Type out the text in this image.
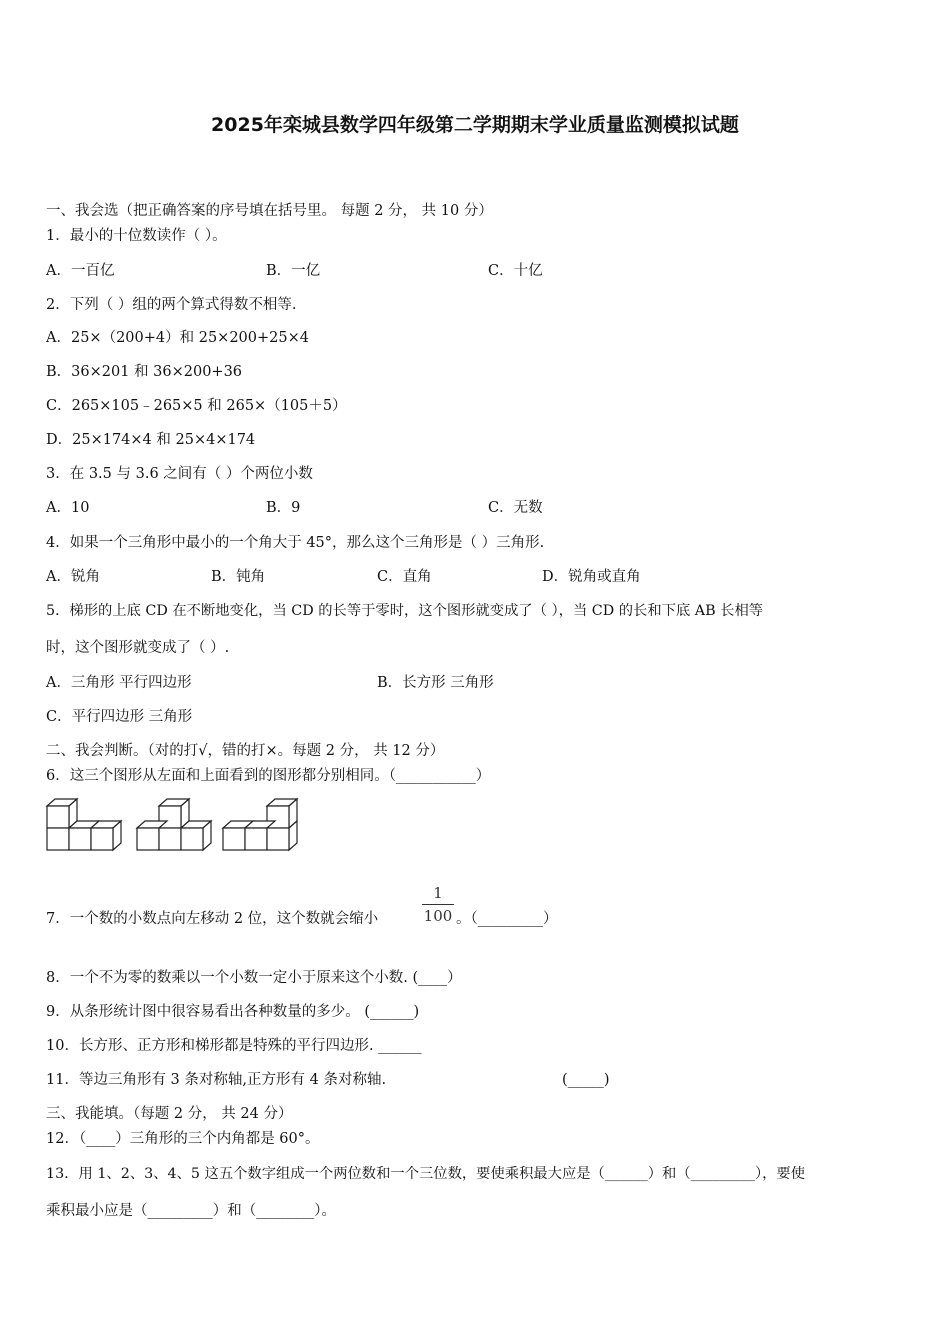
2025年栾城县数学四年级第二学期期末学业质量监测模拟试题
一、我会选（把正确答案的序号填在括号里。 每题 2 分， 共 10 分）
1．最小的十位数读作（ ）。
A．一百亿	B．一亿	C．十亿
2．下列（ ）组的两个算式得数不相等.
A．25×（200+4）和 25×200+25×4
B．36×201 和 36×200+36
C．265×105﹣265×5 和 265×（105＋5）
D．25×174×4 和 25×4×174
3．在 3.5 与 3.6 之间有（ ）个两位小数
A．10	B．9	C．无数
4．如果一个三角形中最小的一个角大于 45°，那么这个三角形是（ ）三角形.
A．锐角	B．钝角	C．直角	D．锐角或直角
5．梯形的上底 CD 在不断地变化，当 CD 的长等于零时，这个图形就变成了（ ），当 CD 的长和下底 AB 长相等
时，这个图形就变成了（ ）.
A．三角形 平行四边形	B．长方形 三角形
C．平行四边形 三角形
二、我会判断。（对的打√，错的打×。每题 2 分， 共 12 分）
6．这三个图形从左面和上面看到的图形都分别相同。（___________）
7．一个数的小数点向左移动 2 位，这个数就会缩小
1
100 。（_________）
8．一个不为零的数乘以一个小数一定小于原来这个小数. (____）
9．从条形统计图中很容易看出各种数量的多少。 (______)
10．长方形、正方形和梯形都是特殊的平行四边形. ______
11．等边三角形有 3 条对称轴,正方形有 4 条对称轴.	(_____)
三、我能填。（每题 2 分， 共 24 分）
12．（____）三角形的三个内角都是 60°。
13．用 1、2、3、4、5 这五个数字组成一个两位数和一个三位数，要使乘积最大应是（______）和（_________），要使
乘积最小应是（_________）和（________）。
